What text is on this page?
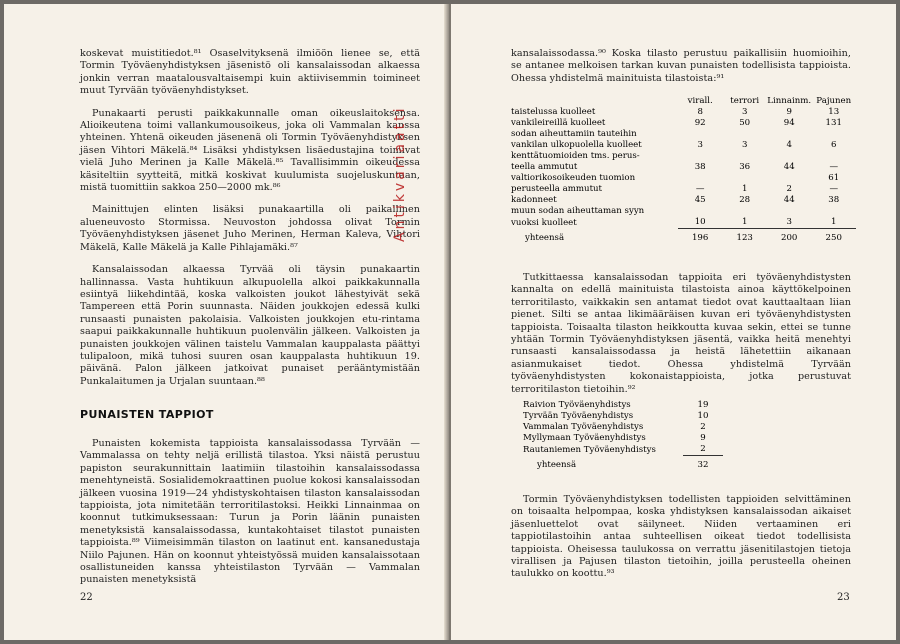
koskevat muistitiedot.⁸¹ Osaselvityksenä ilmiöön lienee se, että Tormin Työväenyhdistyksen jäsenistö oli kansalaissodan alkaessa jonkin verran maatalousvaltaisempi kuin aktiivisemmin toimineet muut Tyrvään työväenyhdistykset.

Punakaarti perusti paikkakunnalle oman oikeuslaitoksensa. Alioikeutena toimi vallankumousoikeus, joka oli Vammalan kanssa yhteinen. Yhtenä oikeuden jäsenenä oli Tormin Työväenyhdistyksen jäsen Vihtori Mäkelä.⁸⁴ Lisäksi yhdistyksen lisäedustajina toimivat vielä Juho Merinen ja Kalle Mäkelä.⁸⁵ Tavallisimmin oikeudessa käsiteltiin syytteitä, mitkä koskivat kuulumista suojeluskuntaan, mistä tuomittiin sakkoa 250—2000 mk.⁸⁶

Mainittujen elinten lisäksi punakaartilla oli paikallinen alueneuvosto Stormissa. Neuvoston johdossa olivat Tormin Työväenyhdistyksen jäsenet Juho Merinen, Herman Kaleva, Vihtori Mäkelä, Kalle Mäkelä ja Kalle Pihlajamäki.⁸⁷

Kansalaissodan alkaessa Tyrvää oli täysin punakaartin hallinnassa. Vasta huhtikuun alkupuolella alkoi paikkakunnalla esiintyä liikehdintää, koska valkoisten joukot lähestyivät sekä Tampereen että Porin suunnasta. Näiden joukkojen edessä kulki runsaasti punaisten pakolaisia. Valkoisten joukkojen etu-rintama saapui paikkakunnalle huhtikuun puolenvälin jälkeen. Valkoisten ja punaisten joukkojen välinen taistelu Vammalan kauppalasta päättyi tulipaloon, mikä tuhosi suuren osan kauppalasta huhtikuun 19. päivänä. Palon jälkeen jatkoivat punaiset perääntymistään Punkalaitumen ja Urjalan suuntaan.⁸⁸

PUNAISTEN TAPPIOT

Punaisten kokemista tappioista kansalaissodassa Tyrvään — Vammalassa on tehty neljä erillistä tilastoa. Yksi näistä perustuu papiston seurakunnittain laatimiin tilastoihin kansalaissodassa menehtyneistä. Sosialidemokraattinen puolue kokosi kansalaissodan jälkeen vuosina 1919—24 yhdistyskohtaisen tilaston kansalaissodan tappioista, jota nimitetään terroritilastoksi. Heikki Linnainmaa on koonnut tutkimuksessaan: Turun ja Porin läänin punaisten menetyksistä kansalaissodassa, kuntakohtaiset tilastot punaisten tappioista.⁸⁹ Viimeisimmän tilaston on laatinut ent. kansanedustaja Niilo Pajunen. Hän on koonnut yhteistyössä muiden kansalaissotaan osallistuneiden kanssa yhteistilaston Tyrvään — Vammalan punaisten menetyksistä

Antikvariaatti
22

kansalaissodassa.⁹⁰ Koska tilasto perustuu paikallisiin huomioihin, se antanee melkoisen tarkan kuvan punaisten todellisista tappioista. Ohessa yhdistelmä mainituista tilastoista:⁹¹

	virall.	terrori	Linnainm.	Pajunen
taistelussa kuolleet	8	3	9	13
vankileireillä kuolleet	92	50	94	131
sodan aiheuttamiin tauteihin				
vankilan ulkopuolella kuolleet	3	3	4	6
kenttätuomioiden tms. perus-				
teella ammutut	38	36	44	—
valtiorikosoikeuden tuomion				61
perusteella ammutut	—	1	2	—
kadonneet	45	28	44	38
muun sodan aiheuttaman syyn				
vuoksi kuolleet	10	1	3	1
yhteensä	196	123	200	250

Tutkittaessa kansalaissodan tappioita eri työväenyhdistysten kannalta on edellä mainituista tilastoista ainoa käyttökelpoinen terroritilasto, vaikkakin sen antamat tiedot ovat kauttaaltaan liian pienet. Silti se antaa likimääräisen kuvan eri työväenyhdistysten tappioista. Toisaalta tilaston heikkoutta kuvaa sekin, ettei se tunne yhtään Tormin Työväenyhdistyksen jäsentä, vaikka heitä menehtyi runsaasti kansalaissodassa ja heistä lähetettiin aikanaan asianmukaiset tiedot. Ohessa yhdistelmä Tyrvään työväenyhdistysten kokonaistappioista, jotka perustuvat terroritilaston tietoihin.⁹²

Raivion Työväenyhdistys	19
Tyrvään Työväenyhdistys	10
Vammalan Työväenyhdistys	2
Myllymaan Työväenyhdistys	9
Rautaniemen Työväenyhdistys	2
yhteensä	32

Tormin Työväenyhdistyksen todellisten tappioiden selvittäminen on toisaalta helpompaa, koska yhdistyksen kansalaissodan aikaiset jäsenluettelot ovat säilyneet. Niiden vertaaminen eri tappiotilastoihin antaa suhteellisen oikeat tiedot todellisista tappioista. Oheisessa taulukossa on verrattu jäsenitilastojen tietoja virallisen ja Pajusen tilaston tietoihin, joilla perusteella oheinen taulukko on koottu.⁹³

23
